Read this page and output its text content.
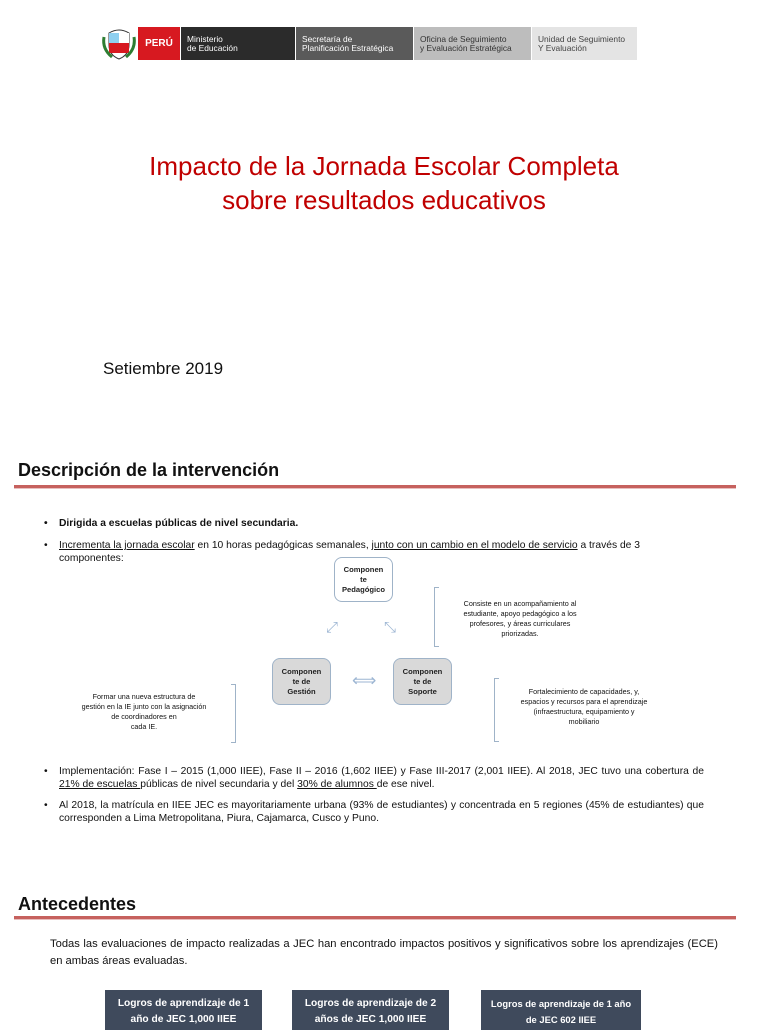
PERÚ	Ministerio
de Educación
Secretaría de
Planificación Estratégica
Oficina de Seguimiento
y Evaluación Estratégica
Unidad de Seguimiento
Y Evaluación
Impacto de la Jornada Escolar Completa
sobre resultados educativos
Setiembre 2019
Descripción de la intervención
• Dirigida a escuelas públicas de nivel secundaria.
• Incrementa la jornada escolar en 10 horas pedagógicas semanales, junto con un cambio en el modelo de servicio a través de 3 componentes:
Componen
te
Pedagógico
Componen
te de
Gestión
Componen
te de
Soporte
⤢	⤡
⟺
Consiste en un acompañamiento al
estudiante, apoyo pedagógico a los
profesores, y áreas curriculares
priorizadas.
Formar una nueva estructura de
gestión en la IE junto con la asignación
de coordinadores en
cada IE.
Fortalecimiento de capacidades, y,
espacios y recursos para el aprendizaje
(infraestructura, equipamiento y
mobiliario
• Implementación: Fase I – 2015 (1,000 IIEE), Fase II – 2016 (1,602 IIEE) y Fase III-2017 (2,001 IIEE). Al 2018, JEC tuvo una cobertura de 21% de escuelas públicas de nivel secundaria y del 30% de alumnos de ese nivel.
• Al 2018, la matrícula en IIEE JEC es mayoritariamente urbana (93% de estudiantes) y concentrada en 5 regiones (45% de estudiantes) que corresponden a Lima Metropolitana, Piura, Cajamarca, Cusco y Puno.
Antecedentes
Todas las evaluaciones de impacto realizadas a JEC han encontrado impactos positivos y significativos sobre los aprendizajes (ECE) en ambas áreas evaluadas.
Logros de aprendizaje de 1
año de JEC 1,000 IIEE
Logros de aprendizaje de 2
años de JEC 1,000 IIEE
Logros de aprendizaje de 1 año
de JEC 602 IIEE
